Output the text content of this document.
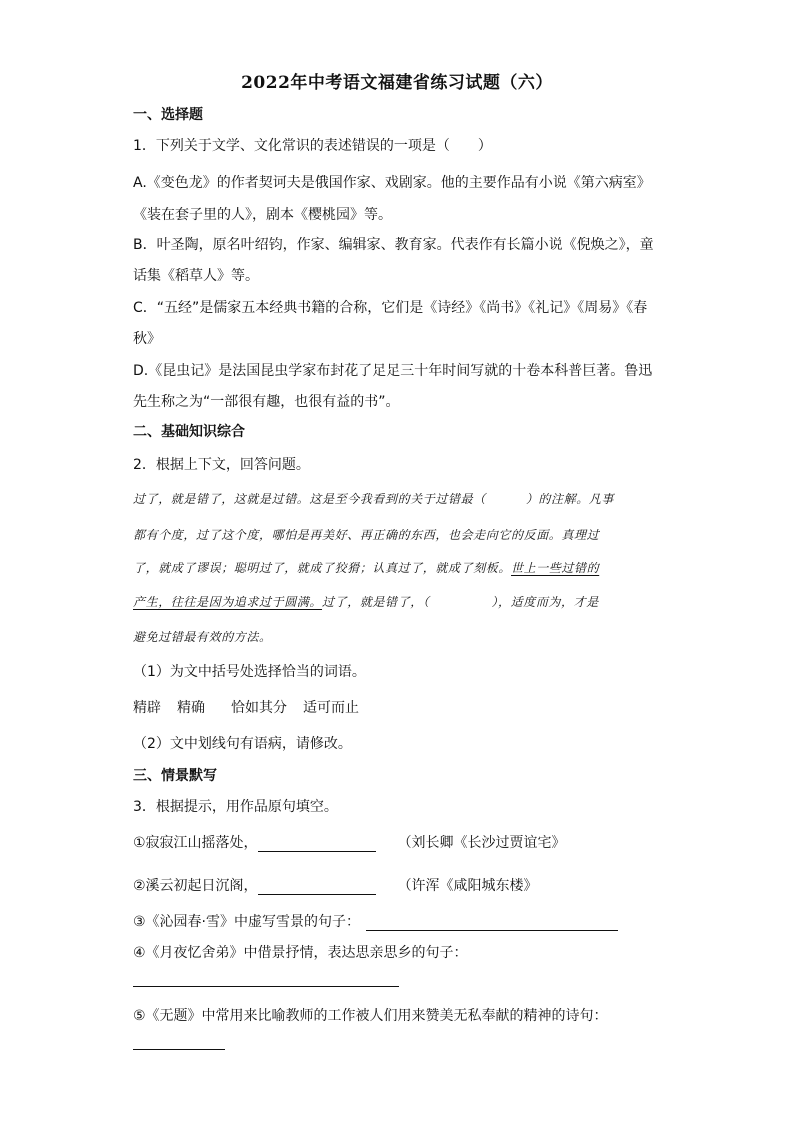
2022年中考语文福建省练习试题（六）
一、选择题
1．下列关于文学、文化常识的表述错误的一项是（　　）
A.《变色龙》的作者契诃夫是俄国作家、戏剧家。他的主要作品有小说《第六病室》
《装在套子里的人》，剧本《樱桃园》等。
B．叶圣陶，原名叶绍钧，作家、编辑家、教育家。代表作有长篇小说《倪焕之》，童
话集《稻草人》等。
C．“五经”是儒家五本经典书籍的合称，它们是《诗经》《尚书》《礼记》《周易》《春
秋》
D.《昆虫记》是法国昆虫学家布封花了足足三十年时间写就的十卷本科普巨著。鲁迅
先生称之为“一部很有趣，也很有益的书”。
二、基础知识综合
2．根据上下文，回答问题。
过了，就是错了，这就是过错。这是至今我看到的关于过错最（	）的注解。凡事
都有个度，过了这个度，哪怕是再美好、再正确的东西，也会走向它的反面。真理过
了，就成了谬误；聪明过了，就成了狡猾；认真过了，就成了刻板。世上一些过错的
产生，往往是因为追求过于圆满。过了，就是错了，（	），适度而为，才是
避免过错最有效的方法。
（1）为文中括号处选择恰当的词语。
精辟 精确 恰如其分 适可而止
（2）文中划线句有语病，请修改。
三、情景默写
3．根据提示，用作品原句填空。
①寂寂江山摇落处，	（刘长卿《长沙过贾谊宅》
②溪云初起日沉阁，	（许浑《咸阳城东楼》
③《沁园春·雪》中虚写雪景的句子：
④《月夜忆舍弟》中借景抒情，表达思亲思乡的句子：
⑤《无题》中常用来比喻教师的工作被人们用来赞美无私奉献的精神的诗句：
